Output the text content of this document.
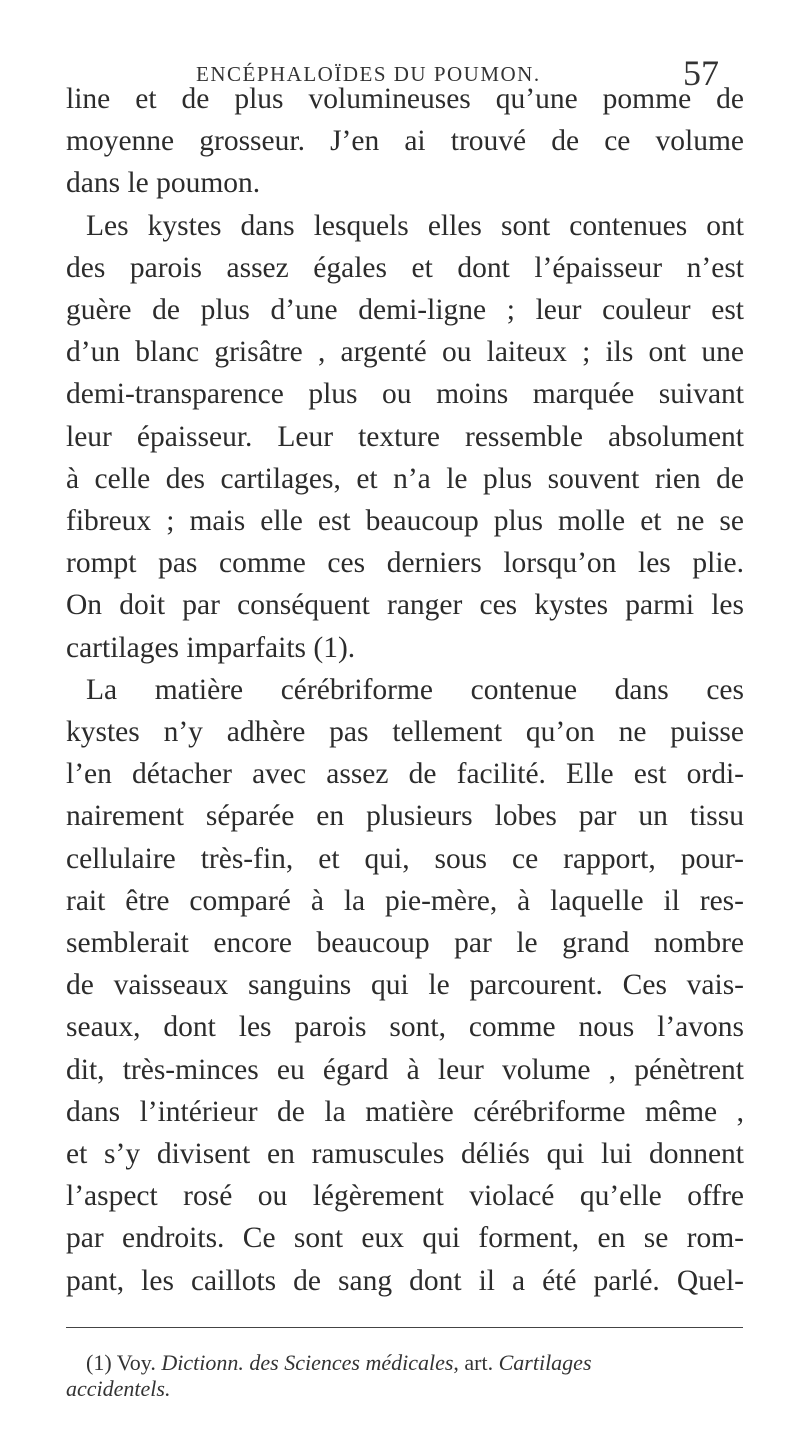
ENCÉPHALOÏDES DU POUMON.	57
line et de plus volumineuses qu’une pomme de
moyenne grosseur. J’en ai trouvé de ce volume
dans le poumon.
Les kystes dans lesquels elles sont contenues ont
des parois assez égales et dont l’épaisseur n’est
guère de plus d’une demi-ligne ; leur couleur est
d’un blanc grisâtre , argenté ou laiteux ; ils ont une
demi-transparence plus ou moins marquée suivant
leur épaisseur. Leur texture ressemble absolument
à celle des cartilages, et n’a le plus souvent rien de
fibreux ; mais elle est beaucoup plus molle et ne se
rompt pas comme ces derniers lorsqu’on les plie.
On doit par conséquent ranger ces kystes parmi les
cartilages imparfaits (1).
La matière cérébriforme contenue dans ces
kystes n’y adhère pas tellement qu’on ne puisse
l’en détacher avec assez de facilité. Elle est ordi-
nairement séparée en plusieurs lobes par un tissu
cellulaire très-fin, et qui, sous ce rapport, pour-
rait être comparé à la pie-mère, à laquelle il res-
semblerait encore beaucoup par le grand nombre
de vaisseaux sanguins qui le parcourent. Ces vais-
seaux, dont les parois sont, comme nous l’avons
dit, très-minces eu égard à leur volume , pénètrent
dans l’intérieur de la matière cérébriforme même ,
et s’y divisent en ramuscules déliés qui lui donnent
l’aspect rosé ou légèrement violacé qu’elle offre
par endroits. Ce sont eux qui forment, en se rom-
pant, les caillots de sang dont il a été parlé. Quel-
(1) Voy. Dictionn. des Sciences médicales, art. Cartilages
accidentels.
